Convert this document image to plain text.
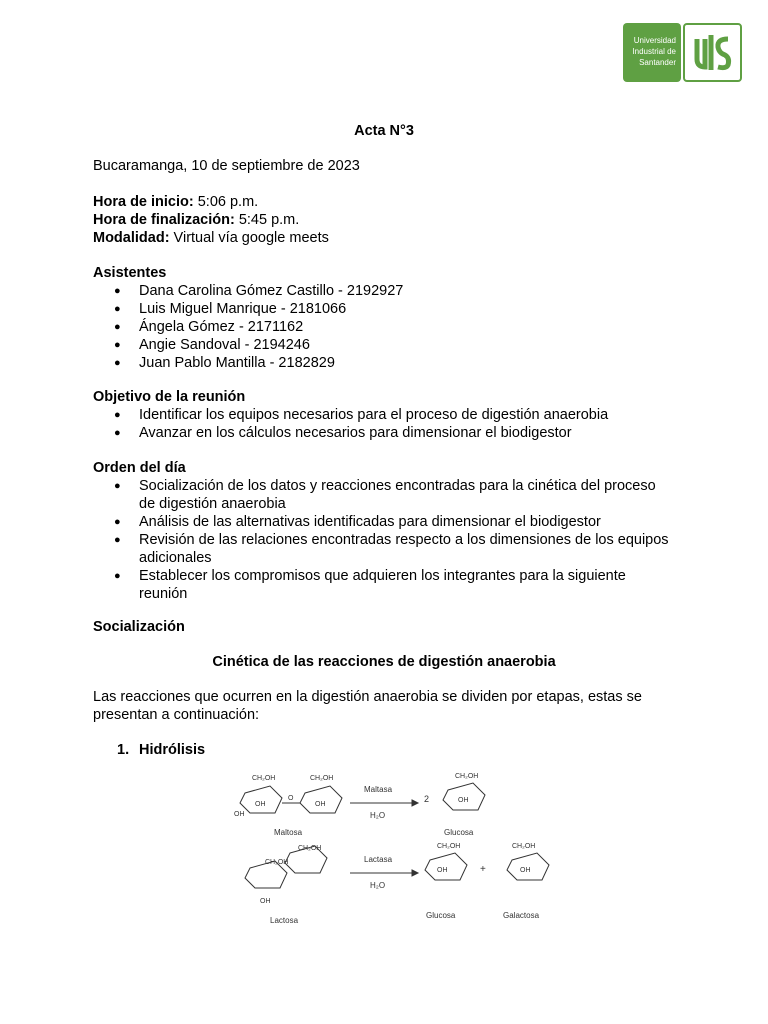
Universidad
Industrial de
Santander
Acta N°3
Bucaramanga, 10 de septiembre de 2023
Hora de inicio: 5:06 p.m.
Hora de finalización: 5:45 p.m.
Modalidad: Virtual vía google meets
Asistentes
● Dana Carolina Gómez Castillo - 2192927
● Luis Miguel Manrique - 2181066
● Ángela Gómez - 2171162
● Angie Sandoval - 2194246
● Juan Pablo Mantilla - 2182829
Objetivo de la reunión
● Identificar los equipos necesarios para el proceso de digestión anaerobia
● Avanzar en los cálculos necesarios para dimensionar el biodigestor
Orden del día
● Socialización de los datos y reacciones encontradas para la cinética del proceso de digestión anaerobia
● Análisis de las alternativas identificadas para dimensionar el biodigestor
● Revisión de las relaciones encontradas respecto a los dimensiones de los equipos adicionales
● Establecer los compromisos que adquieren los integrantes para la siguiente reunión
Socialización
Cinética de las reacciones de digestión anaerobia
Las reacciones que ocurren en la digestión anaerobia se dividen por etapas, estas se presentan a continuación:
1. Hidrólisis
CH₂OH	CH₂OH
OH	OH
OH
O
CH₂OH
OH
CH₂OH
CH₂OH
OH
CH₂OH	CH₂OH
OH	OH
Maltosa
Maltasa
H₂O
2
Glucosa
Lactosa
Lactasa
H₂O
Glucosa
+
Galactosa
